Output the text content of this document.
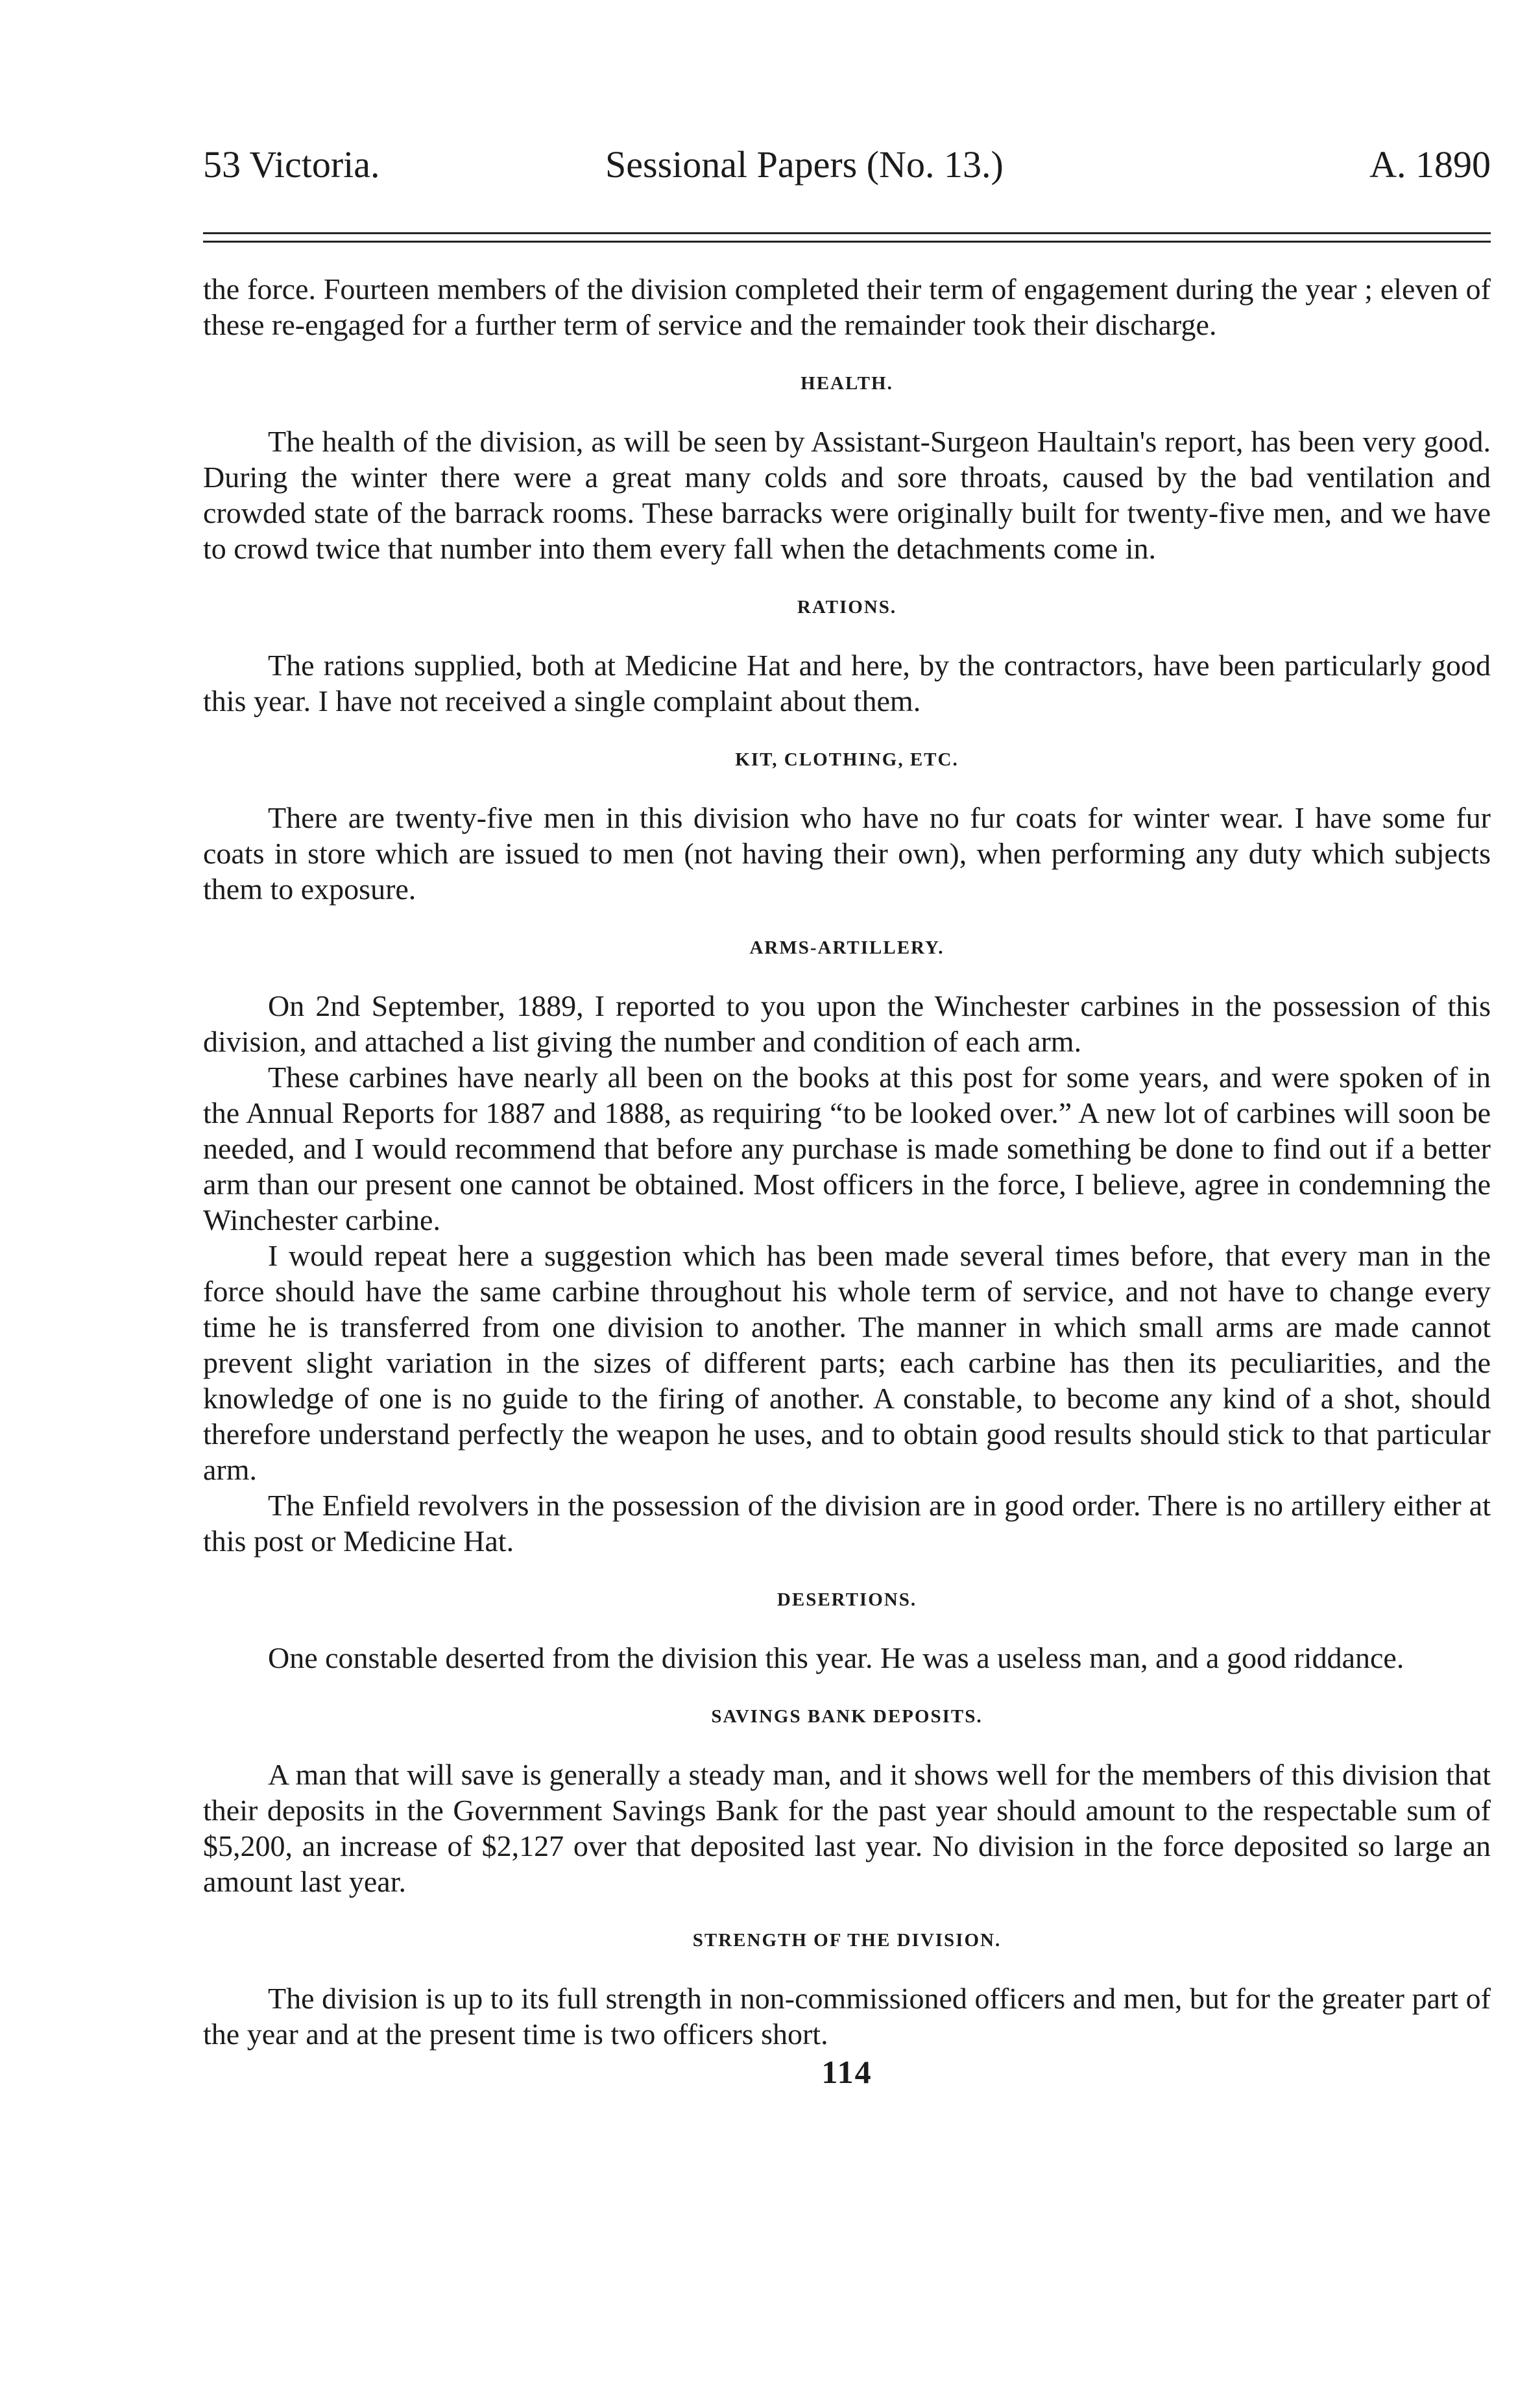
53 Victoria.	Sessional Papers (No. 13.)	A. 1890

the force. Fourteen members of the division completed their term of engagement during the year ; eleven of these re-engaged for a further term of service and the remainder took their discharge.

HEALTH.

The health of the division, as will be seen by Assistant-Surgeon Haultain's report, has been very good. During the winter there were a great many colds and sore throats, caused by the bad ventilation and crowded state of the barrack rooms. These barracks were originally built for twenty-five men, and we have to crowd twice that number into them every fall when the detachments come in.

RATIONS.

The rations supplied, both at Medicine Hat and here, by the contractors, have been particularly good this year. I have not received a single complaint about them.

KIT, CLOTHING, ETC.

There are twenty-five men in this division who have no fur coats for winter wear. I have some fur coats in store which are issued to men (not having their own), when performing any duty which subjects them to exposure.

ARMS-ARTILLERY.

On 2nd September, 1889, I reported to you upon the Winchester carbines in the possession of this division, and attached a list giving the number and condition of each arm.

These carbines have nearly all been on the books at this post for some years, and were spoken of in the Annual Reports for 1887 and 1888, as requiring “to be looked over.” A new lot of carbines will soon be needed, and I would recommend that before any purchase is made something be done to find out if a better arm than our present one cannot be obtained. Most officers in the force, I believe, agree in condemning the Winchester carbine.

I would repeat here a suggestion which has been made several times before, that every man in the force should have the same carbine throughout his whole term of service, and not have to change every time he is transferred from one division to another. The manner in which small arms are made cannot prevent slight variation in the sizes of different parts; each carbine has then its peculiarities, and the knowledge of one is no guide to the firing of another. A constable, to become any kind of a shot, should therefore understand perfectly the weapon he uses, and to obtain good results should stick to that particular arm.

The Enfield revolvers in the possession of the division are in good order. There is no artillery either at this post or Medicine Hat.

DESERTIONS.

One constable deserted from the division this year. He was a useless man, and a good riddance.

SAVINGS BANK DEPOSITS.

A man that will save is generally a steady man, and it shows well for the members of this division that their deposits in the Government Savings Bank for the past year should amount to the respectable sum of $5,200, an increase of $2,127 over that deposited last year. No division in the force deposited so large an amount last year.

STRENGTH OF THE DIVISION.

The division is up to its full strength in non-commissioned officers and men, but for the greater part of the year and at the present time is two officers short.

114
